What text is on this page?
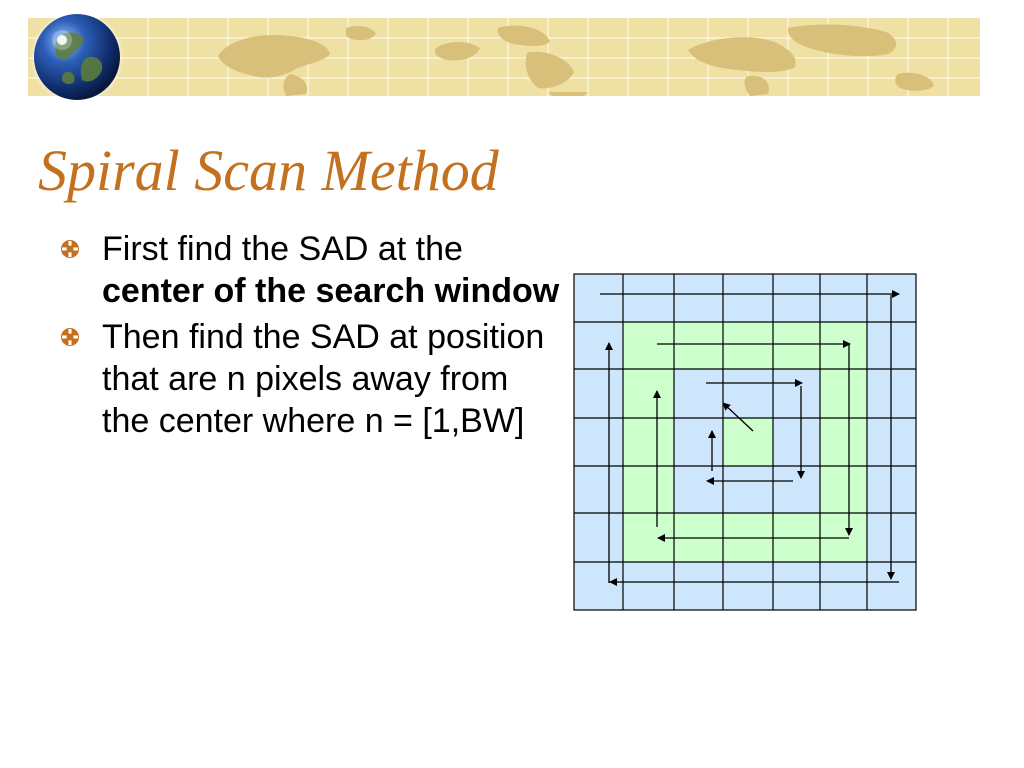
Spiral Scan Method
First find the SAD at the center of the search window
Then find the SAD at position that are n pixels away from the center where n = [1,BW]
